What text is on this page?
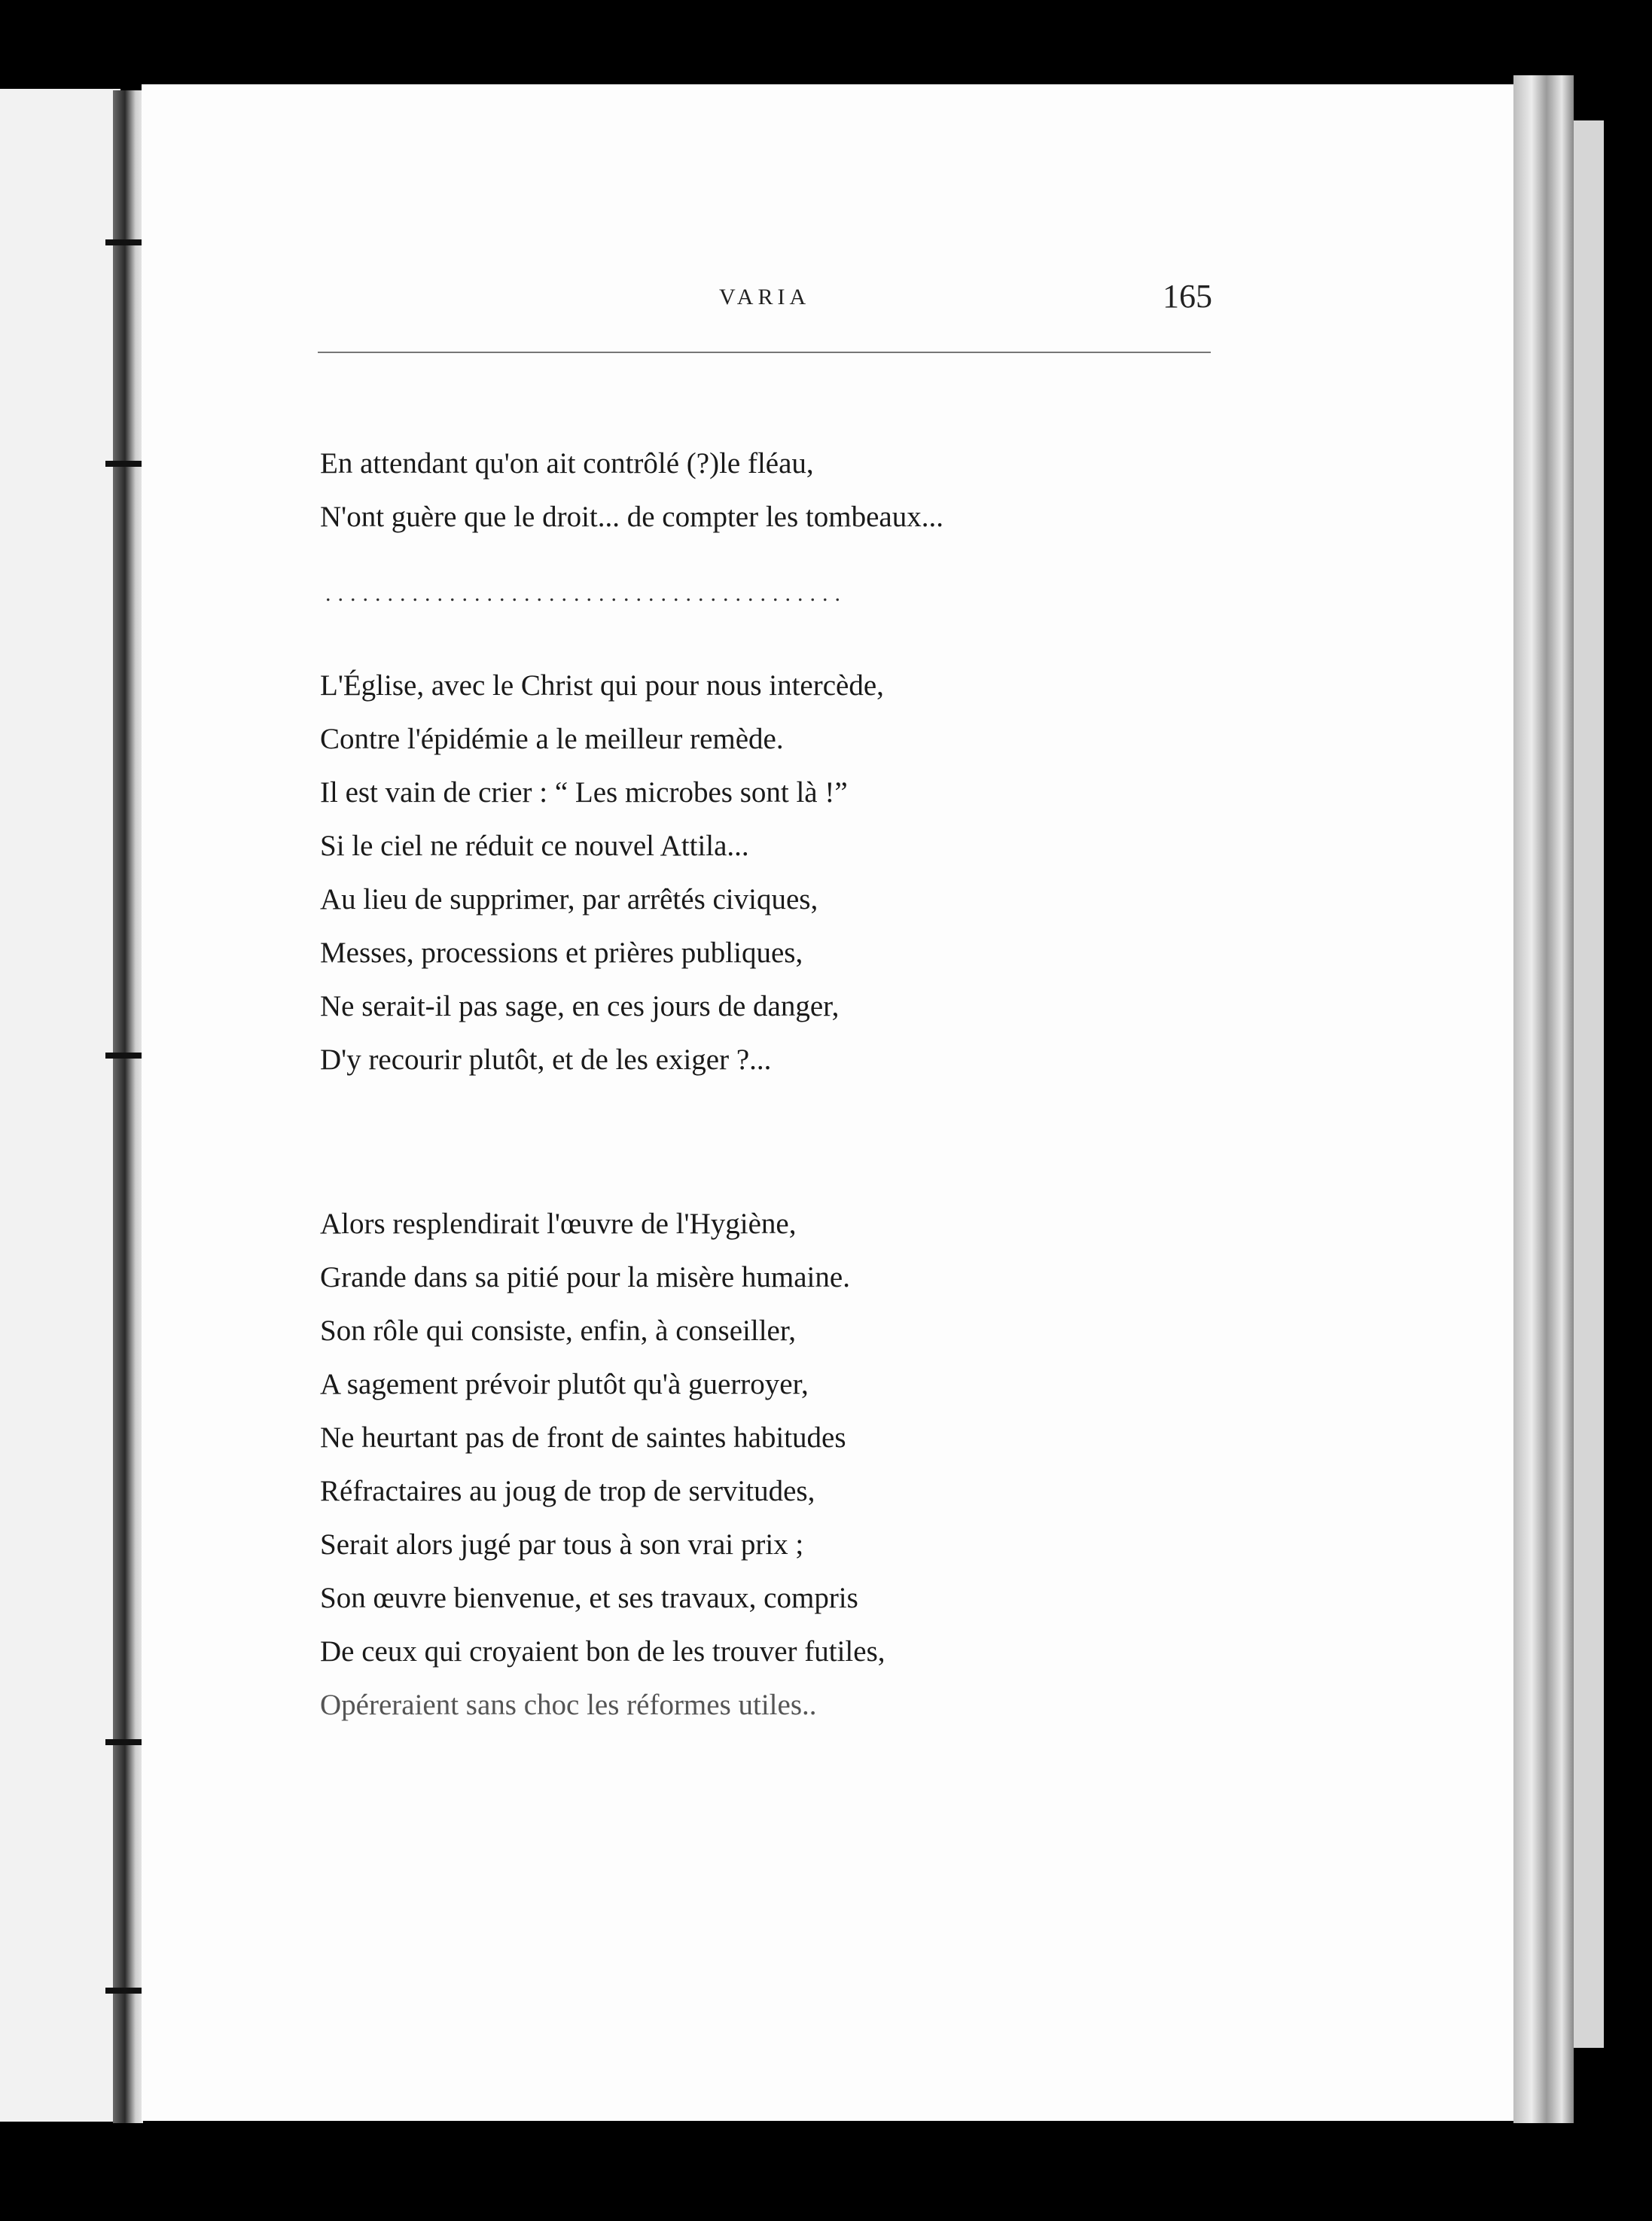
VARIA	165
En attendant qu'on ait contrôlé (?)le fléau,
N'ont guère que le droit... de compter les tombeaux...
..........................................
L'Église, avec le Christ qui pour nous intercède,
Contre l'épidémie a le meilleur remède.
Il est vain de crier : “ Les microbes sont là !”
Si le ciel ne réduit ce nouvel Attila...
Au lieu de supprimer, par arrêtés civiques,
Messes, processions et prières publiques,
Ne serait-il pas sage, en ces jours de danger,
D'y recourir plutôt, et de les exiger ?...
Alors resplendirait l'œuvre de l'Hygiène,
Grande dans sa pitié pour la misère humaine.
Son rôle qui consiste, enfin, à conseiller,
A sagement prévoir plutôt qu'à guerroyer,
Ne heurtant pas de front de saintes habitudes
Réfractaires au joug de trop de servitudes,
Serait alors jugé par tous à son vrai prix ;
Son œuvre bienvenue, et ses travaux, compris
De ceux qui croyaient bon de les trouver futiles,
Opéreraient sans choc les réformes utiles..
